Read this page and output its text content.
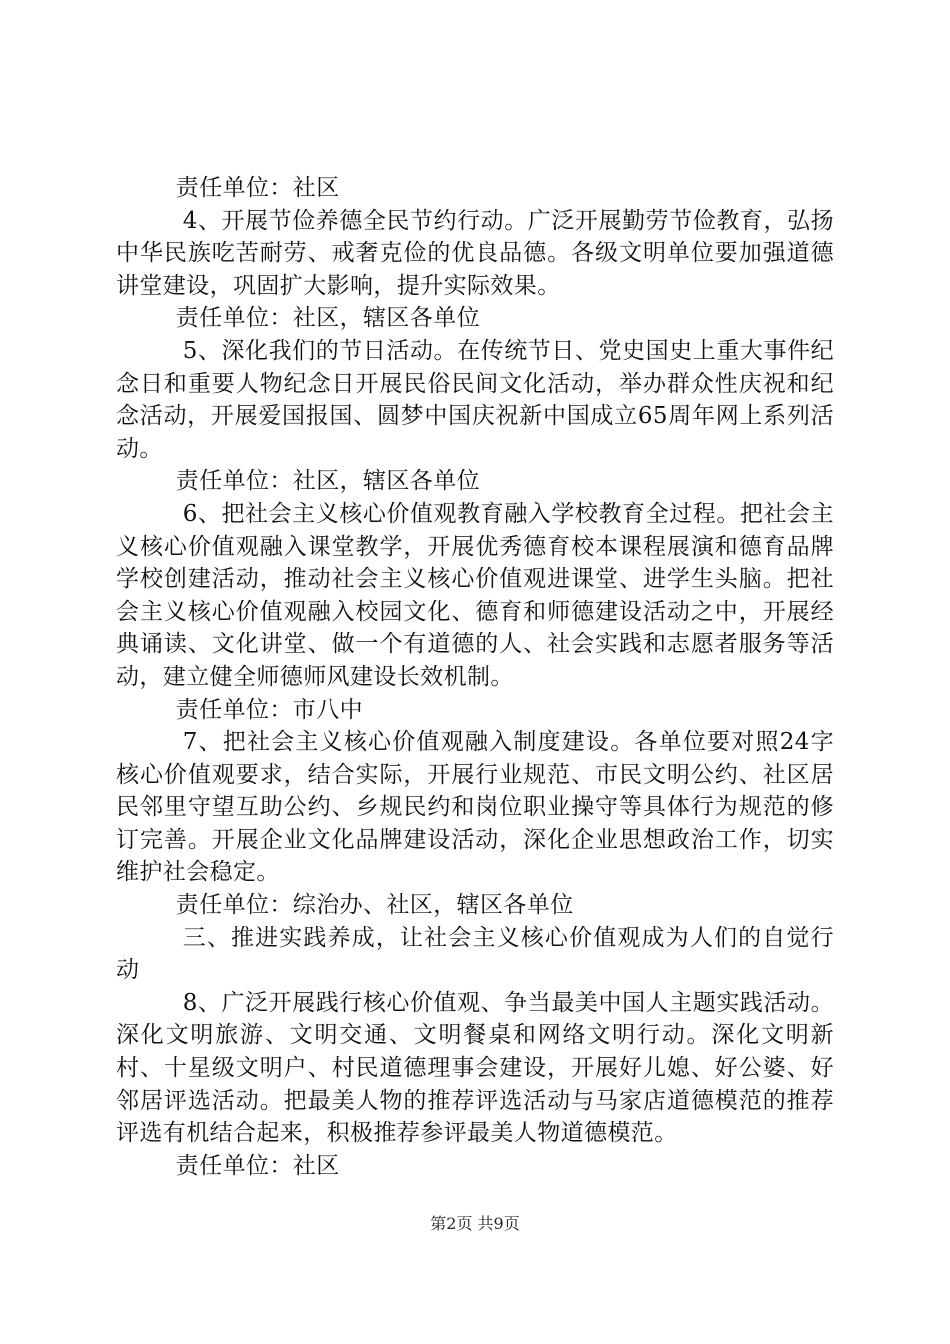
责任单位：社区

4、开展节俭养德全民节约行动。广泛开展勤劳节俭教育，弘扬中华民族吃苦耐劳、戒奢克俭的优良品德。各级文明单位要加强道德讲堂建设，巩固扩大影响，提升实际效果。

责任单位：社区，辖区各单位

5、深化我们的节日活动。在传统节日、党史国史上重大事件纪念日和重要人物纪念日开展民俗民间文化活动，举办群众性庆祝和纪念活动，开展爱国报国、圆梦中国庆祝新中国成立65周年网上系列活动。

责任单位：社区，辖区各单位

6、把社会主义核心价值观教育融入学校教育全过程。把社会主义核心价值观融入课堂教学，开展优秀德育校本课程展演和德育品牌学校创建活动，推动社会主义核心价值观进课堂、进学生头脑。把社会主义核心价值观融入校园文化、德育和师德建设活动之中，开展经典诵读、文化讲堂、做一个有道德的人、社会实践和志愿者服务等活动，建立健全师德师风建设长效机制。

责任单位：市八中

7、把社会主义核心价值观融入制度建设。各单位要对照24字核心价值观要求，结合实际，开展行业规范、市民文明公约、社区居民邻里守望互助公约、乡规民约和岗位职业操守等具体行为规范的修订完善。开展企业文化品牌建设活动，深化企业思想政治工作，切实维护社会稳定。

责任单位：综治办、社区，辖区各单位

三、推进实践养成，让社会主义核心价值观成为人们的自觉行动

8、广泛开展践行核心价值观、争当最美中国人主题实践活动。深化文明旅游、文明交通、文明餐桌和网络文明行动。深化文明新村、十星级文明户、村民道德理事会建设，开展好儿媳、好公婆、好邻居评选活动。把最美人物的推荐评选活动与马家店道德模范的推荐评选有机结合起来，积极推荐参评最美人物道德模范。

责任单位：社区

第2页 共9页
